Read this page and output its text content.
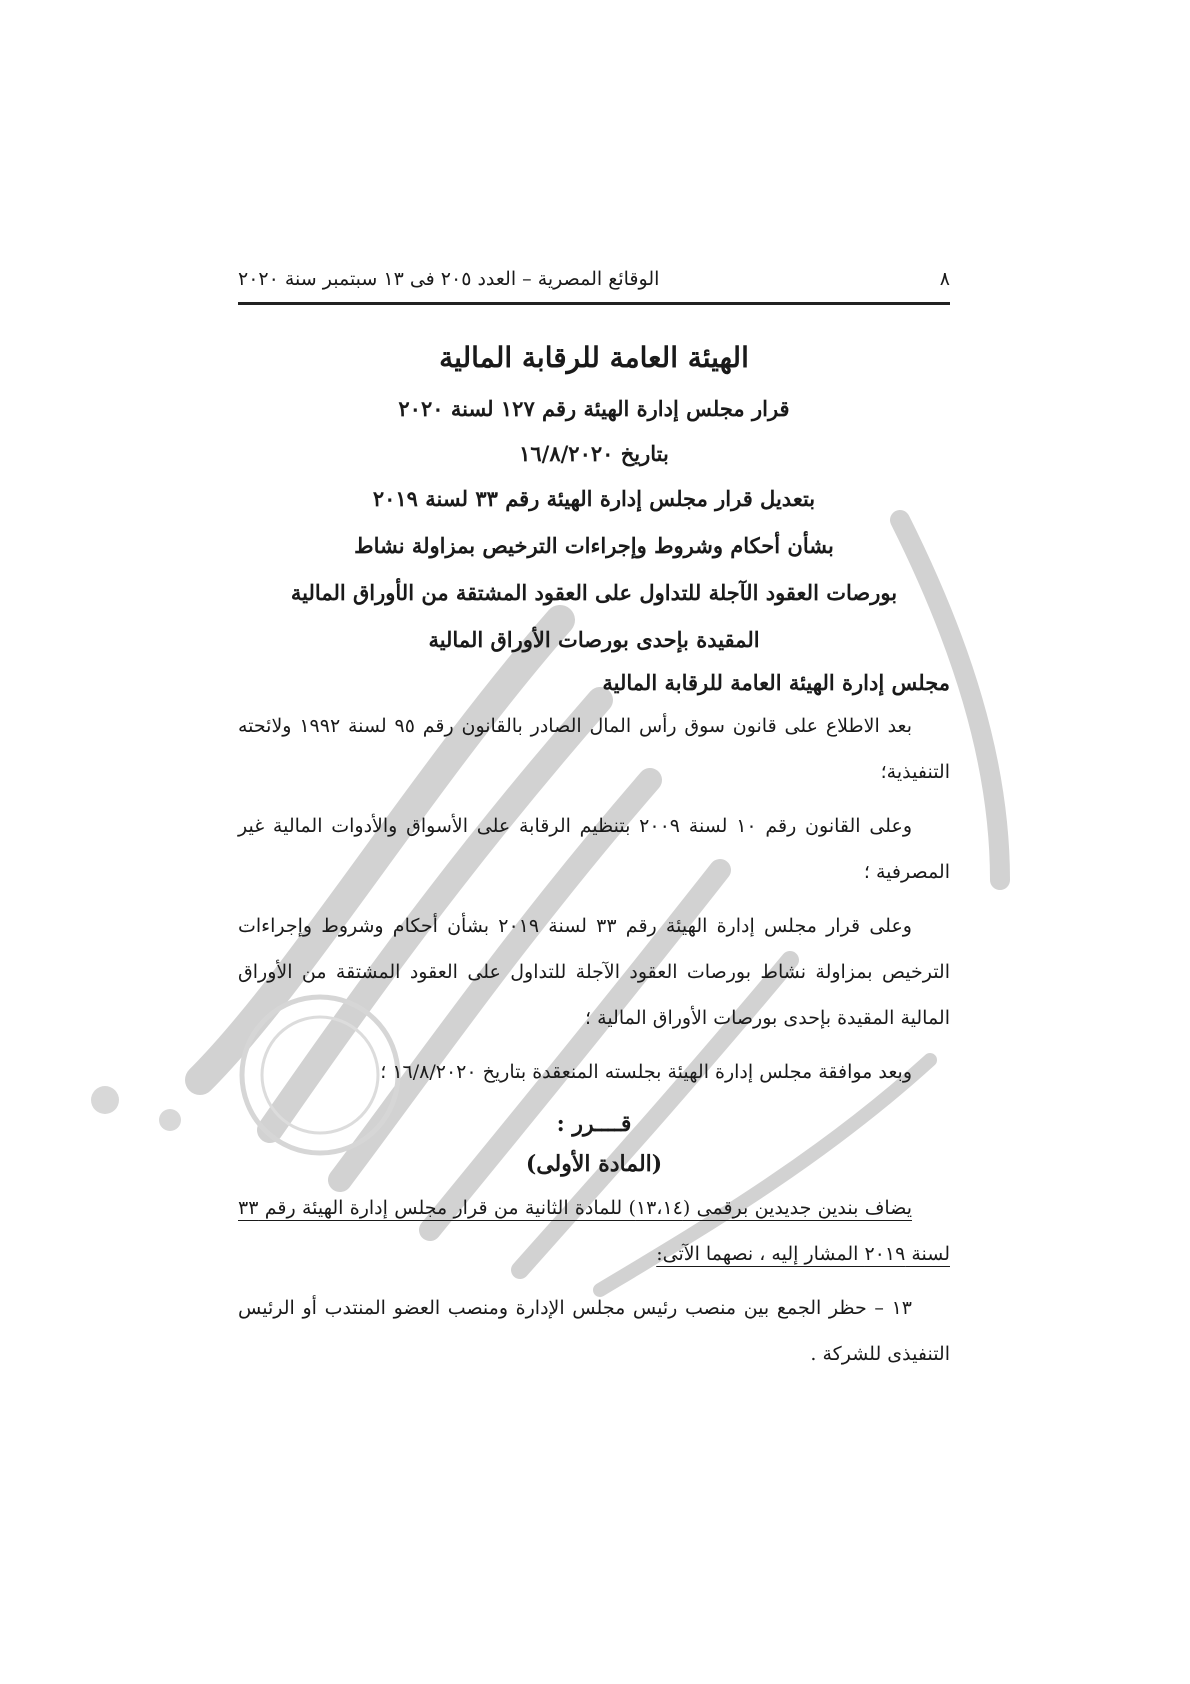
٨
الوقائع المصرية – العدد ٢٠٥ فى ١٣ سبتمبر سنة ٢٠٢٠
الهيئة العامة للرقابة المالية
قرار مجلس إدارة الهيئة رقم ١٢٧ لسنة ٢٠٢٠
بتاريخ ١٦/٨/٢٠٢٠
بتعديل قرار مجلس إدارة الهيئة رقم ٣٣ لسنة ٢٠١٩
بشأن أحكام وشروط وإجراءات الترخيص بمزاولة نشاط
بورصات العقود الآجلة للتداول على العقود المشتقة من الأوراق المالية
المقيدة بإحدى بورصات الأوراق المالية
مجلس إدارة الهيئة العامة للرقابة المالية

بعد الاطلاع على قانون سوق رأس المال الصادر بالقانون رقم ٩٥ لسنة ١٩٩٢ ولائحته التنفيذية؛

وعلى القانون رقم ١٠ لسنة ٢٠٠٩ بتنظيم الرقابة على الأسواق والأدوات المالية غير المصرفية ؛

وعلى قرار مجلس إدارة الهيئة رقم ٣٣ لسنة ٢٠١٩ بشأن أحكام وشروط وإجراءات الترخيص بمزاولة نشاط بورصات العقود الآجلة للتداول على العقود المشتقة من الأوراق المالية المقيدة بإحدى بورصات الأوراق المالية ؛

وبعد موافقة مجلس إدارة الهيئة بجلسته المنعقدة بتاريخ ١٦/٨/٢٠٢٠ ؛

قــــرر :
(المادة الأولى)

يضاف بندين جديدين برقمى (١٣،١٤) للمادة الثانية من قرار مجلس إدارة الهيئة رقم ٣٣ لسنة ٢٠١٩ المشار إليه ، نصهما الآتى:

١٣ – حظر الجمع بين منصب رئيس مجلس الإدارة ومنصب العضو المنتدب أو الرئيس التنفيذى للشركة .
